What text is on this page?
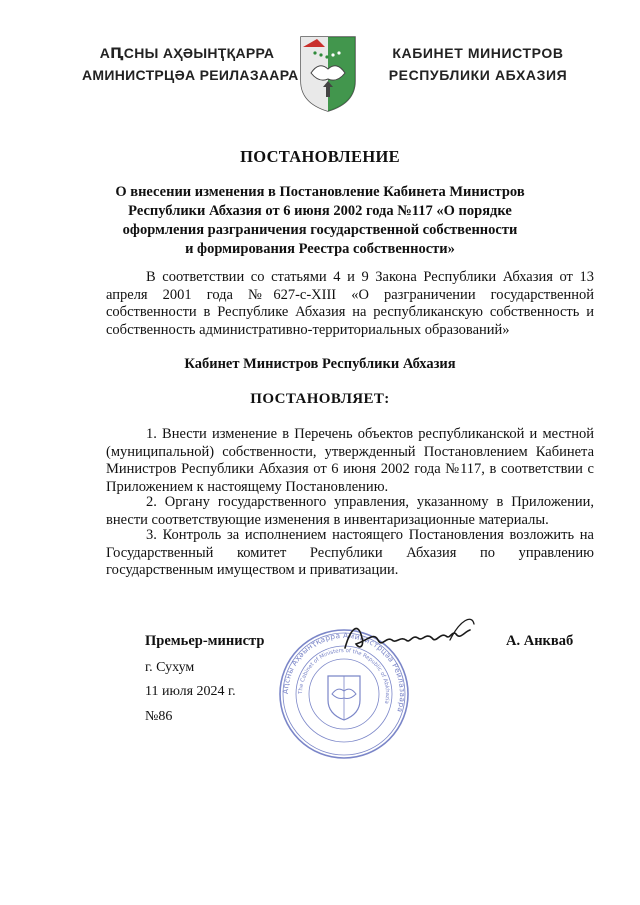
АԤСНЫ АҲӘЫНҬҚАРРА
АМИНИСТРЦӘА РЕИЛАЗААРА
КАБИНЕТ МИНИСТРОВ
РЕСПУБЛИКИ АБХАЗИЯ
ПОСТАНОВЛЕНИЕ
О внесении изменения в Постановление Кабинета Министров
Республики Абхазия от 6 июня 2002 года №117 «О порядке
оформления разграничения государственной собственности
и формирования Реестра собственности»
В соответствии со статьями 4 и 9 Закона Республики Абхазия от 13 апреля 2001 года №627-с-XIII «О разграничении государственной собственности в Республике Абхазия на республиканскую собственность и собственность административно-территориальных образований»
Кабинет Министров Республики Абхазия
ПОСТАНОВЛЯЕТ:
1. Внести изменение в Перечень объектов республиканской и местной (муниципальной) собственности, утвержденный Постановлением Кабинета Министров Республики Абхазия от 6 июня 2002 года №117, в соответствии с Приложением к настоящему Постановлению.
2. Органу государственного управления, указанному в Приложении, внести соответствующие изменения в инвентаризационные материалы.
3. Контроль за исполнением настоящего Постановления возложить на Государственный комитет Республики Абхазия по управлению государственным имуществом и приватизации.
Аԥсны Аҳәынҭқарра Аминистрцәа Реилазаара
The Cabinet of Ministers of the Republic of Abkhazia
Премьер-министр	А. Анкваб
г. Сухум
11 июля 2024 г.
№86
